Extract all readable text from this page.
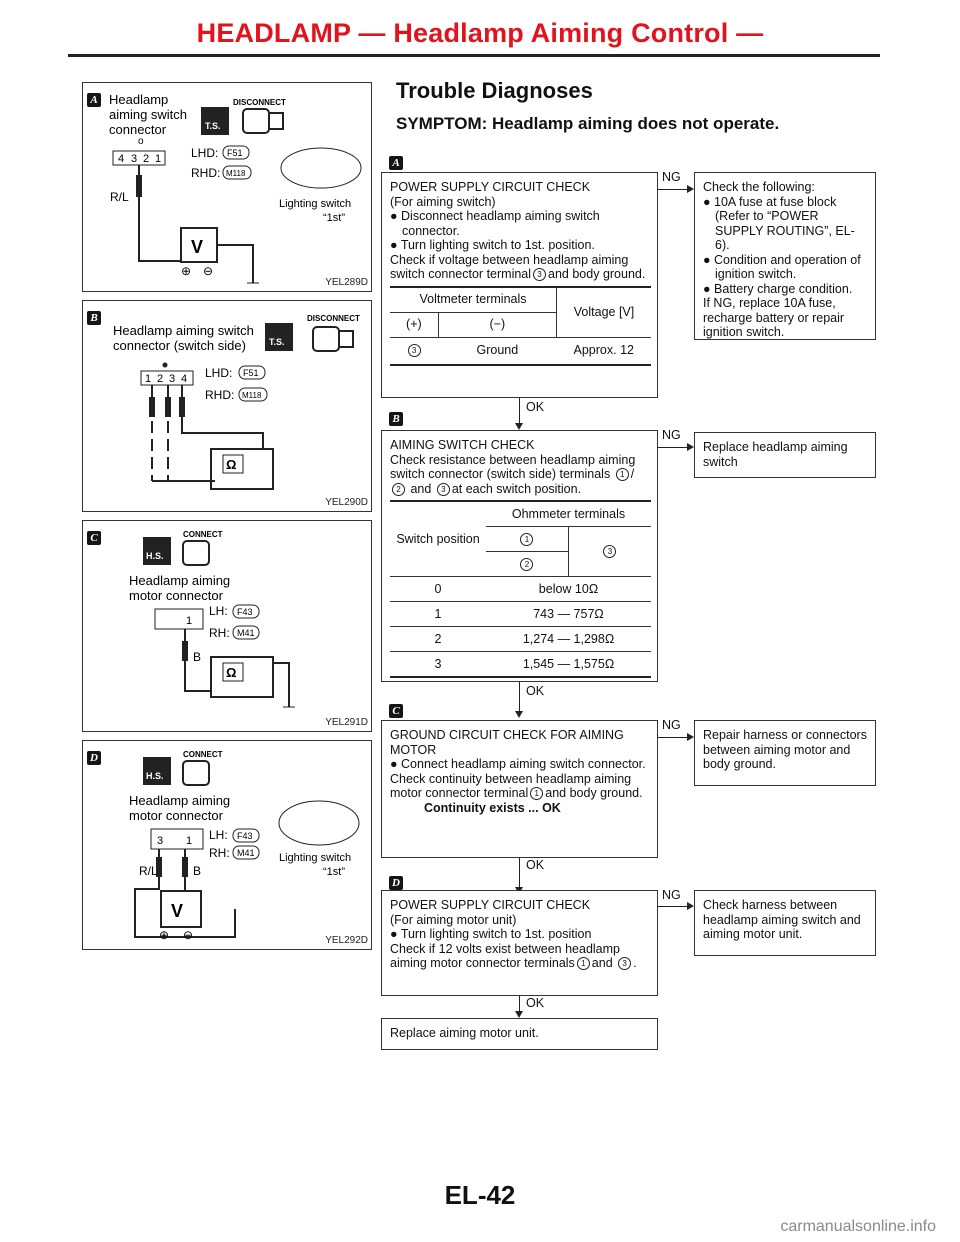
HEADLAMP — Headlamp Aiming Control —
A Headlamp
aiming switch
connector	T.S.
DISCONNECT
o
4 3 2 1
R/L
LHD: F51
RHD: M118
Lighting switch
“1st”
V
⊕ ⊖
YEL289D
B
Headlamp aiming switch
connector (switch side)	T.S.
DISCONNECT
1 2 3 4 LHD: F51
RHD: M118
Ω
YEL290D
C
H.S.
CONNECT
Headlamp aiming
motor connector
1
LH: F43
RH: M41
B
Ω
YEL291D
D
H.S.
CONNECT
Headlamp aiming
motor connector
3 1 LH: F43
RH: M41 Lighting switch
“1st”
R/L	B
V
⊕ ⊖	YEL292D
Trouble Diagnoses
SYMPTOM: Headlamp aiming does not operate.
A

POWER SUPPLY CIRCUIT CHECK

(For aiming switch)

● Disconnect headlamp aiming switch connector.

● Turn lighting switch to 1st. position.

Check if voltage between headlamp aiming switch connector terminal 3 and body ground.

Voltmeter terminals		Voltage [V]
(+)	(−)	
3	Ground	Approx. 12
NG

Check the following:

● 10A fuse at fuse block (Refer to “POWER SUPPLY ROUTING”, EL-6).

● Condition and operation of ignition switch.

● Battery charge condition.

If NG, replace 10A fuse, recharge battery or repair ignition switch.

OK
B

AIMING SWITCH CHECK

Check resistance between headlamp aiming switch connector (switch side) terminals 1 /2 and 3 at each switch position.

Switch position	Ohmmeter terminals	
	1	3
	2	
0	below 10Ω	
1	743 — 757Ω	
2	1,274 — 1,298Ω	
3	1,545 — 1,575Ω	
NG

Replace headlamp aiming switch

OK
C

GROUND CIRCUIT CHECK FOR AIMING MOTOR

● Connect headlamp aiming switch connector.

Check continuity between headlamp aiming motor connector terminal 1 and body ground.

Continuity exists ... OK

NG

Repair harness or connectors between aiming motor and body ground.

OK
D

POWER SUPPLY CIRCUIT CHECK

(For aiming motor unit)

● Turn lighting switch to 1st. position

Check if 12 volts exist between headlamp aiming motor connector terminals 1 and 3 .

NG

Check harness between headlamp aiming switch and aiming motor unit.

OK

Replace aiming motor unit.

EL-42
carmanualsonline.info
